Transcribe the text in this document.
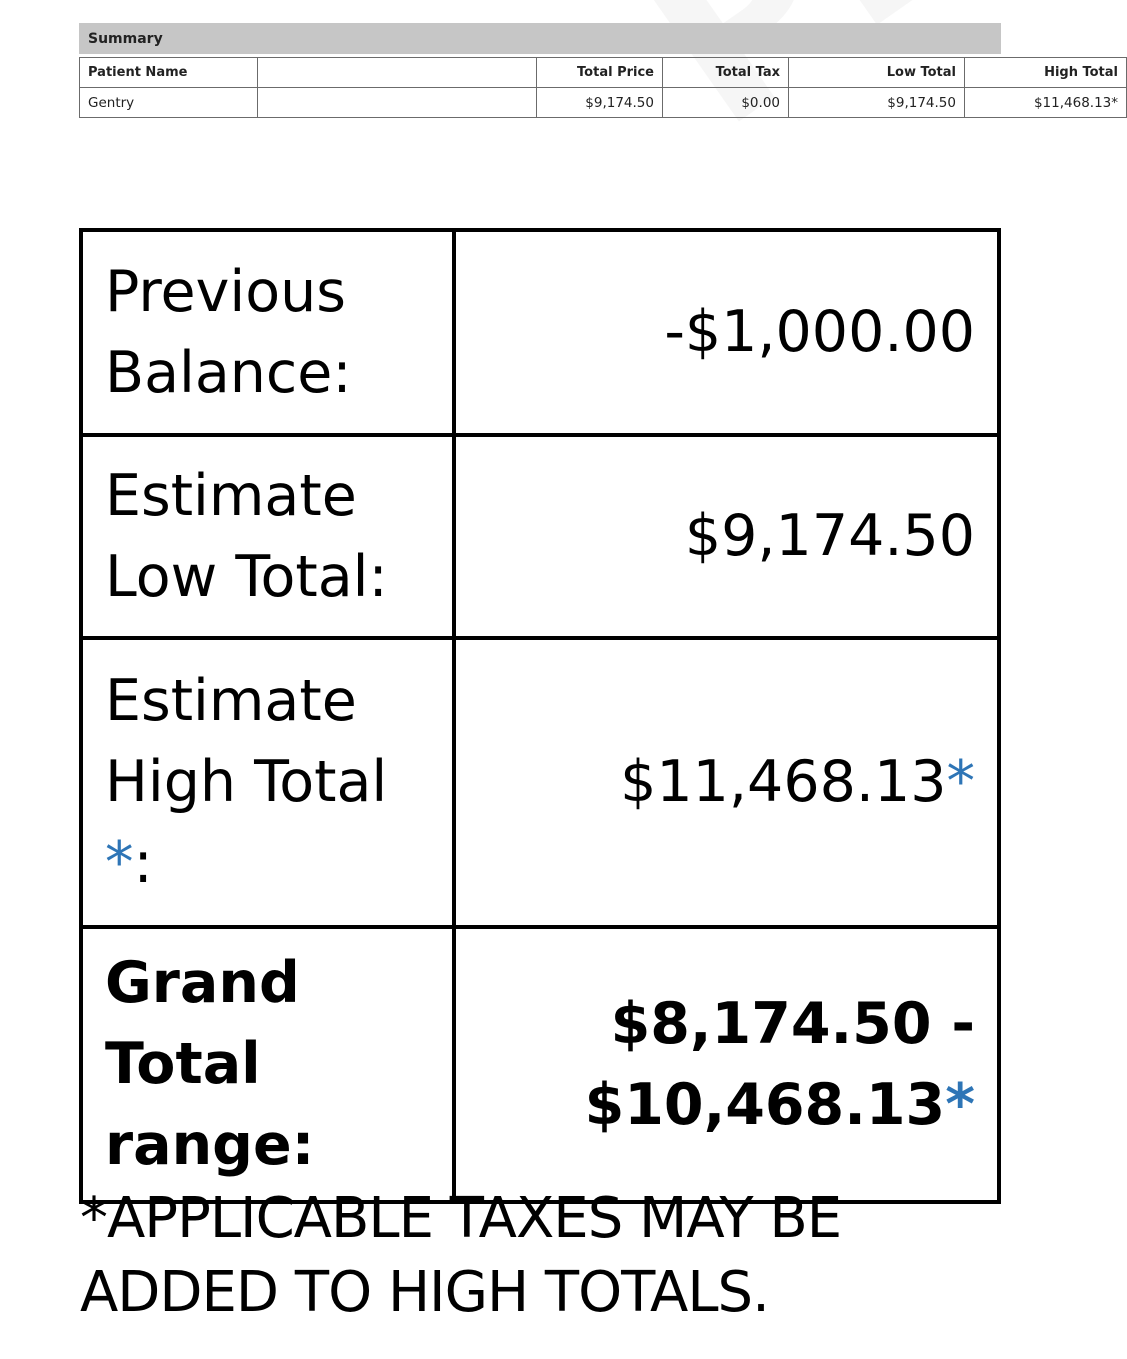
Summary
Patient Name		Total Price	Total Tax	Low Total	High Total
Gentry		$9,174.50	$0.00	$9,174.50	$11,468.13*
Previous
Balance:	-$1,000.00
Estimate
Low Total:	$9,174.50
Estimate
High Total
*:	$11,468.13*
Grand Total
range:	$8,174.50 -
$10,468.13*
*APPLICABLE TAXES MAY BE
ADDED TO HIGH TOTALS.
